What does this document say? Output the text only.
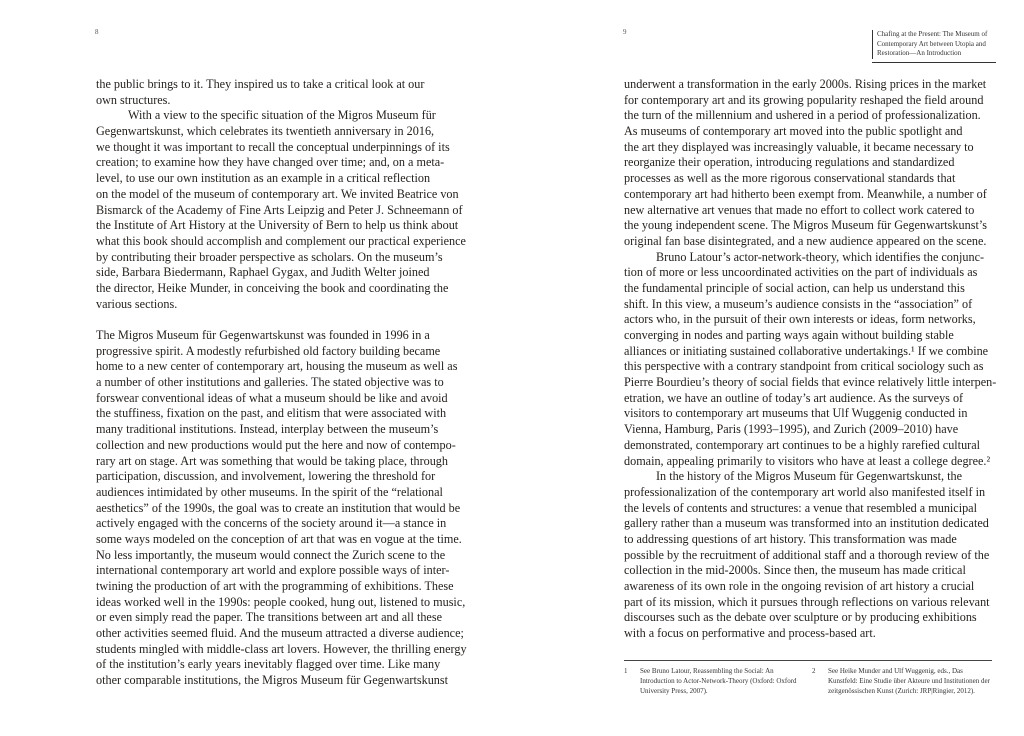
8
the public brings to it. They inspired us to take a critical look at our
own structures.
With a view to the specific situation of the Migros Museum für
Gegenwartskunst, which celebrates its twentieth anniversary in 2016,
we thought it was important to recall the conceptual underpinnings of its
creation; to examine how they have changed over time; and, on a meta-
level, to use our own institution as an example in a critical reflection
on the model of the museum of contemporary art. We invited Beatrice von
Bismarck of the Academy of Fine Arts Leipzig and Peter J. Schneemann of
the Institute of Art History at the University of Bern to help us think about
what this book should accomplish and complement our practical experience
by contributing their broader perspective as scholars. On the museum’s
side, Barbara Biedermann, Raphael Gygax, and Judith Welter joined
the director, Heike Munder, in conceiving the book and coordinating the
various sections.
The Migros Museum für Gegenwartskunst was founded in 1996 in a
progressive spirit. A modestly refurbished old factory building became
home to a new center of contemporary art, housing the museum as well as
a number of other institutions and galleries. The stated objective was to
forswear conventional ideas of what a museum should be like and avoid
the stuffiness, fixation on the past, and elitism that were associated with
many traditional institutions. Instead, interplay between the museum’s
collection and new productions would put the here and now of contempo-
rary art on stage. Art was something that would be taking place, through
participation, discussion, and involvement, lowering the threshold for
audiences intimidated by other museums. In the spirit of the “relational
aesthetics” of the 1990s, the goal was to create an institution that would be
actively engaged with the concerns of the society around it—a stance in
some ways modeled on the conception of art that was en vogue at the time.
No less importantly, the museum would connect the Zurich scene to the
international contemporary art world and explore possible ways of inter-
twining the production of art with the programming of exhibitions. These
ideas worked well in the 1990s: people cooked, hung out, listened to music,
or even simply read the paper. The transitions between art and all these
other activities seemed fluid. And the museum attracted a diverse audience;
students mingled with middle-class art lovers. However, the thrilling energy
of the institution’s early years inevitably flagged over time. Like many
other comparable institutions, the Migros Museum für Gegenwartskunst
9	Chafing at the Present: The Museum of Contemporary Art between Utopia and Restoration—An Introduction
underwent a transformation in the early 2000s. Rising prices in the market
for contemporary art and its growing popularity reshaped the field around
the turn of the millennium and ushered in a period of professionalization.
As museums of contemporary art moved into the public spotlight and
the art they displayed was increasingly valuable, it became necessary to
reorganize their operation, introducing regulations and standardized
processes as well as the more rigorous conservational standards that
contemporary art had hitherto been exempt from. Meanwhile, a number of
new alternative art venues that made no effort to collect work catered to
the young independent scene. The Migros Museum für Gegenwartskunst’s
original fan base disintegrated, and a new audience appeared on the scene.
Bruno Latour’s actor-network-theory, which identifies the conjunc-
tion of more or less uncoordinated activities on the part of individuals as
the fundamental principle of social action, can help us understand this
shift. In this view, a museum’s audience consists in the “association” of
actors who, in the pursuit of their own interests or ideas, form networks,
converging in nodes and parting ways again without building stable
alliances or initiating sustained collaborative undertakings.¹ If we combine
this perspective with a contrary standpoint from critical sociology such as
Pierre Bourdieu’s theory of social fields that evince relatively little interpen-
etration, we have an outline of today’s art audience. As the surveys of
visitors to contemporary art museums that Ulf Wuggenig conducted in
Vienna, Hamburg, Paris (1993–1995), and Zurich (2009–2010) have
demonstrated, contemporary art continues to be a highly rarefied cultural
domain, appealing primarily to visitors who have at least a college degree.²
In the history of the Migros Museum für Gegenwartskunst, the
professionalization of the contemporary art world also manifested itself in
the levels of contents and structures: a venue that resembled a municipal
gallery rather than a museum was transformed into an institution dedicated
to addressing questions of art history. This transformation was made
possible by the recruitment of additional staff and a thorough review of the
collection in the mid-2000s. Since then, the museum has made critical
awareness of its own role in the ongoing revision of art history a crucial
part of its mission, which it pursues through reflections on various relevant
discourses such as the debate over sculpture or by producing exhibitions
with a focus on performative and process-based art.
1	See Bruno Latour, Reassembling the Social: An Introduction to Actor-Network-Theory (Oxford: Oxford University Press, 2007).
2	See Heike Munder and Ulf Wuggenig, eds., Das Kunstfeld: Eine Studie über Akteure und Institutionen der zeitgenössischen Kunst (Zurich: JRP|Ringier, 2012).
